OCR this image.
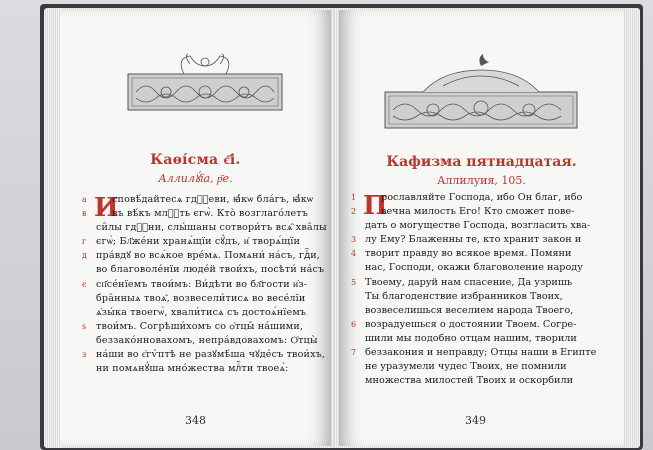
Каѳі́сма є҃і.
Аллилꙋ́їа, р҃е.
И
а	сповѣ́дайтесѧ гдⷭ҇еви, ꙗ҆́кѡ бла́гъ, ꙗ҆́кѡ
в	въ вѣ́къ млⷭ҇ть єгѡ̀. Кто̀ возглаго́летъ
си̑лы гдⷭ҇ни, слы́шаны сотвори́тъ всѧ̑ хва̑лы
г єгѡ̀; Бл҃же́ни хранѧ́щїи сꙋ́дъ, и҆ творѧ́щїи
д пра́вдꙋ во всѧ́кое вре́мѧ. Помѧни́ на́съ, гдⷭ҇и,
во благоволе́нїи люде́й твои́хъ, посѣти́ на́съ
є сп҃се́нїемъ твои́мъ: Ви́дѣти во бл҃гости и҆з-
бра̑нныѧ твоѧ̑, возвесели́тисѧ во весе́лїи
ѧ҆зы́ка твоегѡ̀, хвали́тисѧ съ достоѧ́нїемъ
ѕ твои́мъ. Согрѣши́хомъ со ѻ҆тцы̑ на́шими,
беззако́нновахомъ, непра́вдовахомъ: Ѻ҆тцы̀
з на́ши во є҆гѵ́птѣ не разꙋмѣ́ша чꙋде́съ твои́хъ,
ни помѧнꙋ́ша мно́жества млⷭ҇ти твоеѧ̀:
348
Кафизма пятнадцатая.
Аллилуия, 105.
П
1	рославляйте Господа, ибо Он благ, ибо
2	вечна милость Его! Кто сможет пове-
дать о могуществе Господа, возгласить хва-
3 лу Ему? Блаженны те, кто хранит закон и
4 творит правду во всякое время. Помяни
нас, Господи, окажи благоволение народу
5 Твоему, даруй нам спасение, Да узришь
Ты благоденствие избранников Твоих,
возвеселишься веселием народа Твоего,
6 возрадуешься о достоянии Твоем. Согре-
шили мы подобно отцам нашим, творили
7 беззакония и неправду; Отцы наши в Египте
не уразумели чудес Твоих, не помнили
множества милостей Твоих и оскорбили
349
